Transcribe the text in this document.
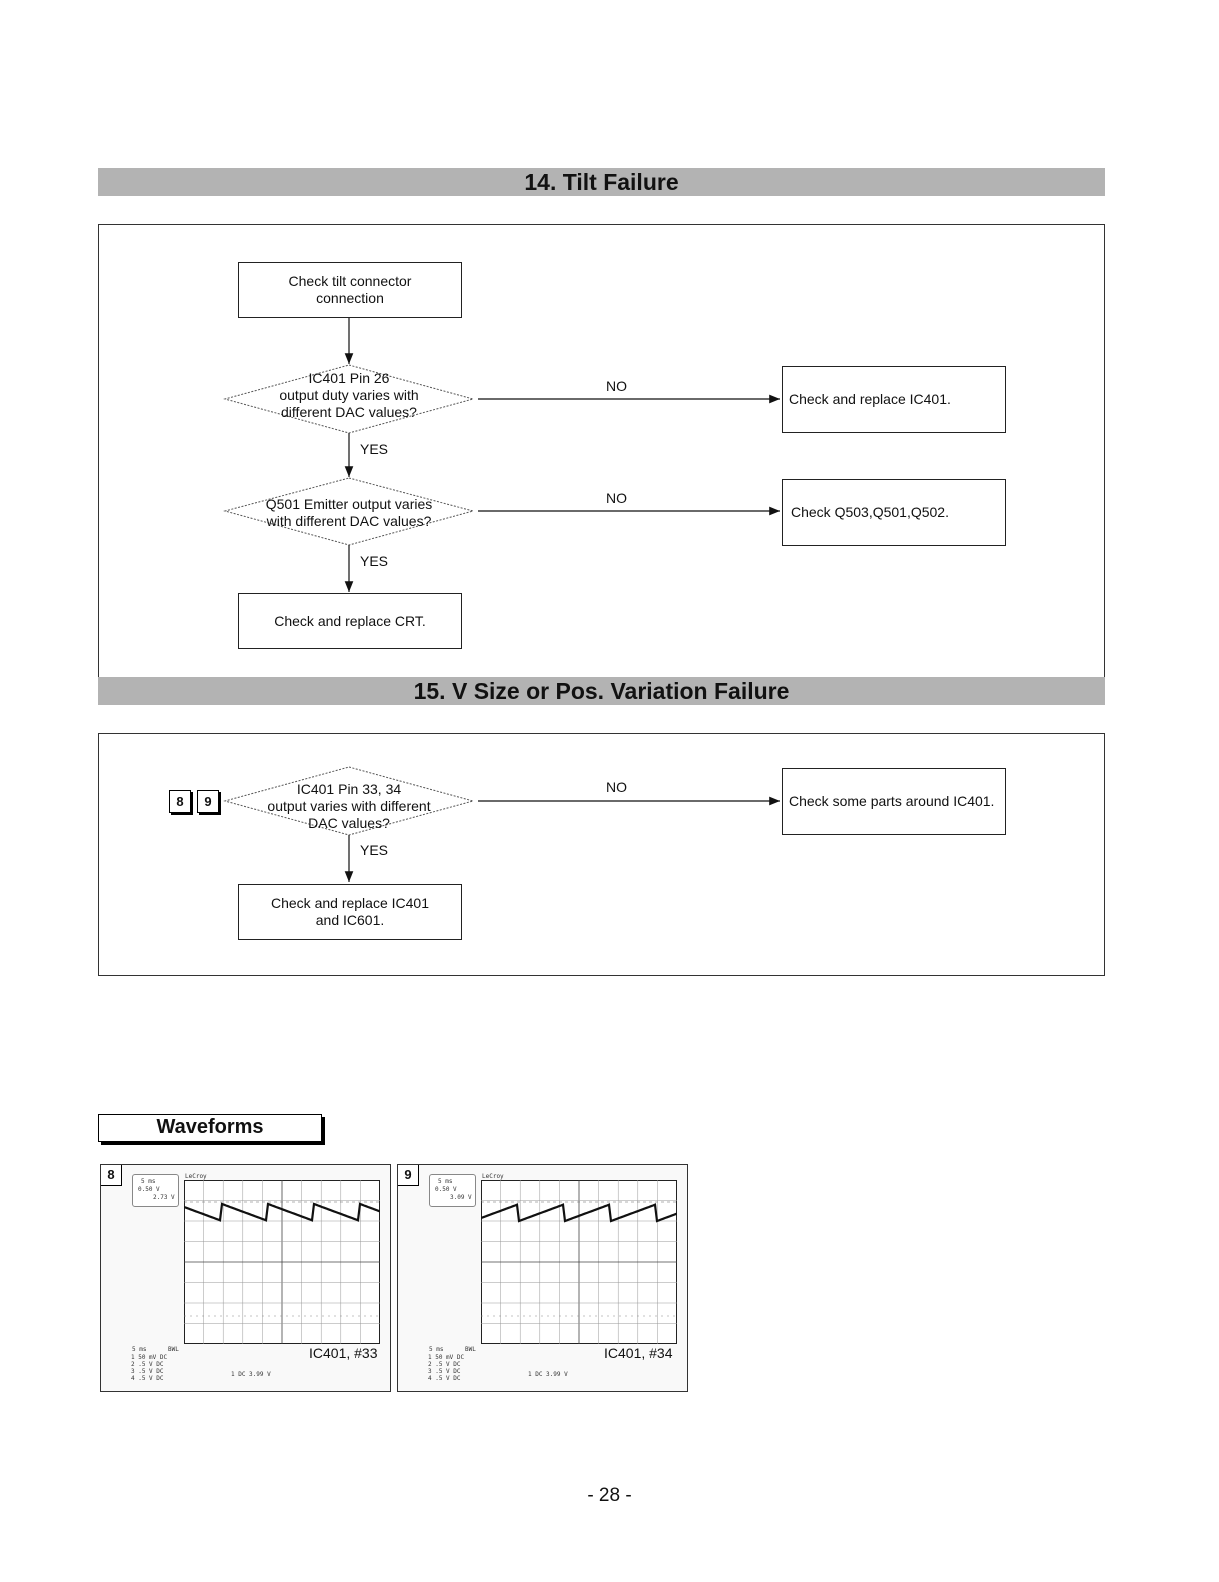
14. Tilt Failure
15. V Size or Pos. Variation Failure
Check tilt connector connection
IC401 Pin 26
output duty varies with
different DAC values?
NO
Check and replace IC401.
YES
Q501 Emitter output varies
with different DAC values?
NO
Check Q503,Q501,Q502.
YES
Check and replace CRT.
8	9
IC401 Pin 33, 34
output varies with different
DAC values?
NO
Check some parts around IC401.
YES
Check and replace IC401
and IC601.
Waveforms
8	5 ms
0.50 V
2.73 V
LeCroy
5 ms	BWL
1 50 mV DC
2 .5 V DC
3 .5 V DC
4 .5 V DC
1 DC 3.99 V
IC401, #33
9	5 ms
0.50 V
3.09 V
LeCroy
5 ms	BWL
1 50 mV DC
2 .5 V DC
3 .5 V DC
4 .5 V DC
1 DC 3.99 V
IC401, #34
- 28 -
